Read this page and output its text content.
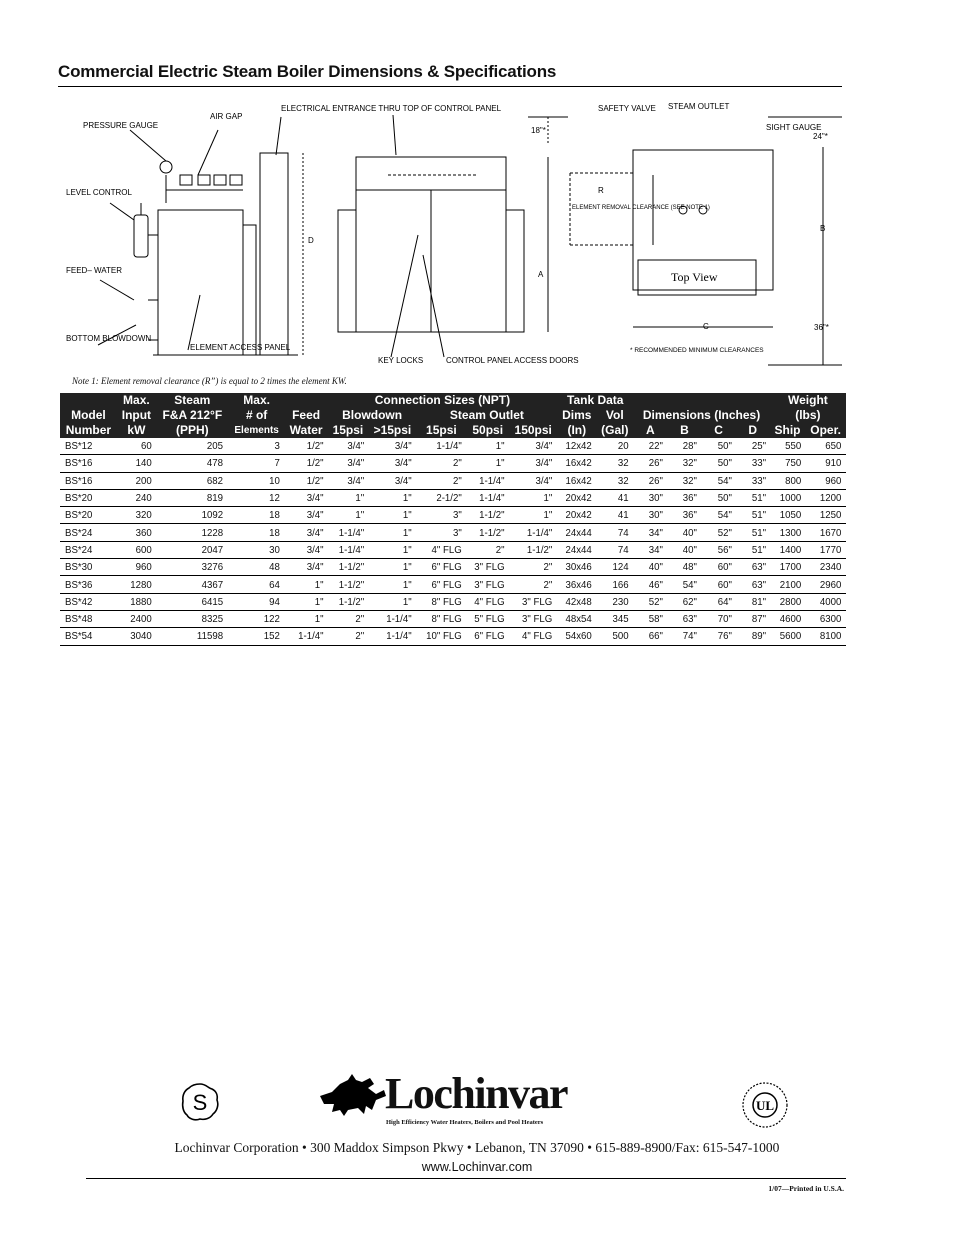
Commercial Electric Steam Boiler Dimensions & Specifications
PRESSURE GAUGE
AIR GAP
LEVEL CONTROL
FEED– WATER
BOTTOM BLOWDOWN
ELEMENT ACCESS PANEL
ELECTRICAL ENTRANCE THRU TOP OF CONTROL PANEL
D
KEY LOCKS	CONTROL PANEL ACCESS DOORS
A
18"*
SAFETY VALVE STEAM OUTLET
SIGHT GAUGE
24"*
B
R
ELEMENT REMOVAL CLEARANCE (SEE NOTE 1)
Top View
C	36"*
* RECOMMENDED MINIMUM CLEARANCES
Note 1: Element removal clearance (R”) is equal to 2 times the element KW.
	Max.	Steam	Max.		Connection Sizes (NPT)					Tank Data						Weight	
Model	Input	F&A 212°F	# of	Feed	Blowdown		Steam Outlet			Dims	Vol	Dimensions (Inches)				(lbs)	
Number	kW	(PPH)	Elements	Water	15psi	>15psi	15psi	50psi	150psi	(In)	(Gal)	A	B	C	D	Ship	Oper.
BS*12	60	205	3	1/2"	3/4"	3/4"	1-1/4"	1"	3/4"	12x42	20	22"	28"	50"	25"	550	650
BS*16	140	478	7	1/2"	3/4"	3/4"	2"	1"	3/4"	16x42	32	26"	32"	50"	33"	750	910
BS*16	200	682	10	1/2"	3/4"	3/4"	2"	1-1/4"	3/4"	16x42	32	26"	32"	54"	33"	800	960
BS*20	240	819	12	3/4"	1"	1"	2-1/2"	1-1/4"	1"	20x42	41	30"	36"	50"	51"	1000	1200
BS*20	320	1092	18	3/4"	1"	1"	3"	1-1/2"	1"	20x42	41	30"	36"	54"	51"	1050	1250
BS*24	360	1228	18	3/4"	1-1/4"	1"	3"	1-1/2"	1-1/4"	24x44	74	34"	40"	52"	51"	1300	1670
BS*24	600	2047	30	3/4"	1-1/4"	1"	4" FLG	2"	1-1/2"	24x44	74	34"	40"	56"	51"	1400	1770
BS*30	960	3276	48	3/4"	1-1/2"	1"	6" FLG	3" FLG	2"	30x46	124	40"	48"	60"	63"	1700	2340
BS*36	1280	4367	64	1"	1-1/2"	1"	6" FLG	3" FLG	2"	36x46	166	46"	54"	60"	63"	2100	2960
BS*42	1880	6415	94	1"	1-1/2"	1"	8" FLG	4" FLG	3" FLG	42x48	230	52"	62"	64"	81"	2800	4000
BS*48	2400	8325	122	1"	2"	1-1/4"	8" FLG	5" FLG	3" FLG	48x54	345	58"	63"	70"	87"	4600	6300
BS*54	3040	11598	152	1-1/4"	2"	1-1/4"	10" FLG	6" FLG	4" FLG	54x60	500	66"	74"	76"	89"	5600	8100
S	Lochinvar
High Efficiency Water Heaters, Boilers and Pool Heaters
UL
Lochinvar Corporation • 300 Maddox Simpson Pkwy • Lebanon, TN 37090 • 615-889-8900/Fax: 615-547-1000
www.Lochinvar.com
1/07—Printed in U.S.A.
